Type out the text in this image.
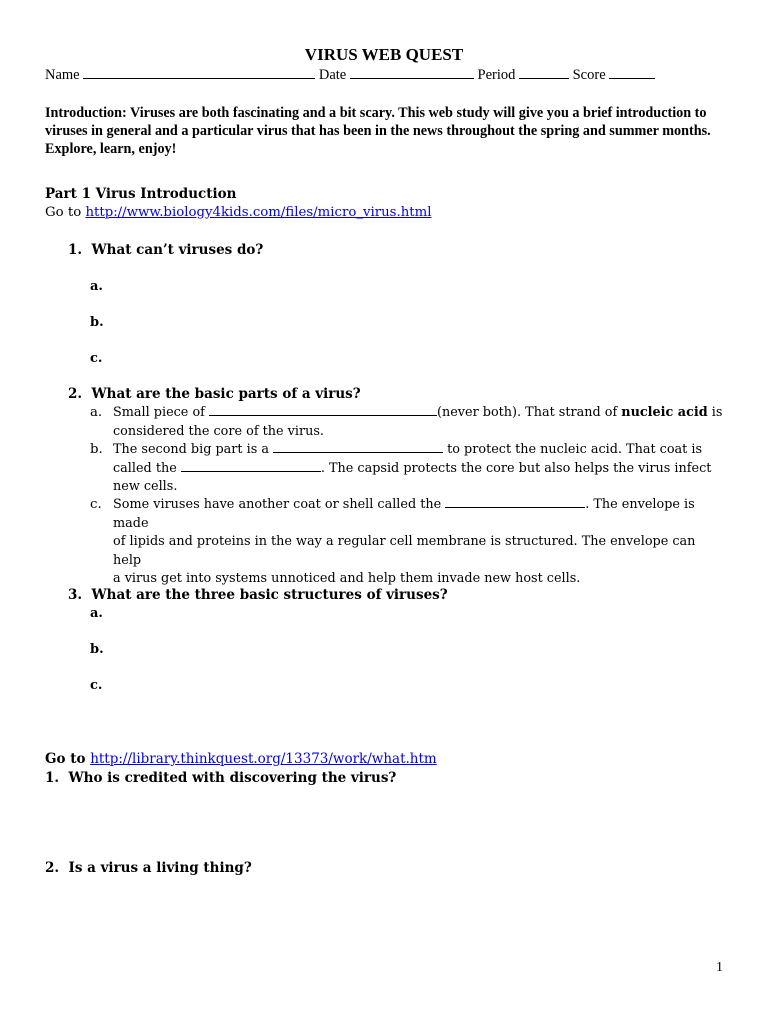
VIRUS WEB QUEST
Name	Date	Period	Score
Introduction: Viruses are both fascinating and a bit scary. This web study will give you a brief introduction to viruses in general and a particular virus that has been in the news throughout the spring and summer months. Explore, learn, enjoy!
Part 1 Virus Introduction
Go to http://www.biology4kids.com/files/micro_virus.html
1. What can’t viruses do?
a.
b.
c.
2. What are the basic parts of a virus?
a. Small piece of	(never both). That strand of nucleic acid is
considered the core of the virus.
b. The second big part is a	to protect the nucleic acid. That coat is
called the	. The capsid protects the core but also helps the virus infect
new cells.
c. Some viruses have another coat or shell called the	. The envelope is made
of lipids and proteins in the way a regular cell membrane is structured. The envelope can help
a virus get into systems unnoticed and help them invade new host cells.
3. What are the three basic structures of viruses?
a.
b.
c.
Go to http://library.thinkquest.org/13373/work/what.htm
1. Who is credited with discovering the virus?
2. Is a virus a living thing?
1
